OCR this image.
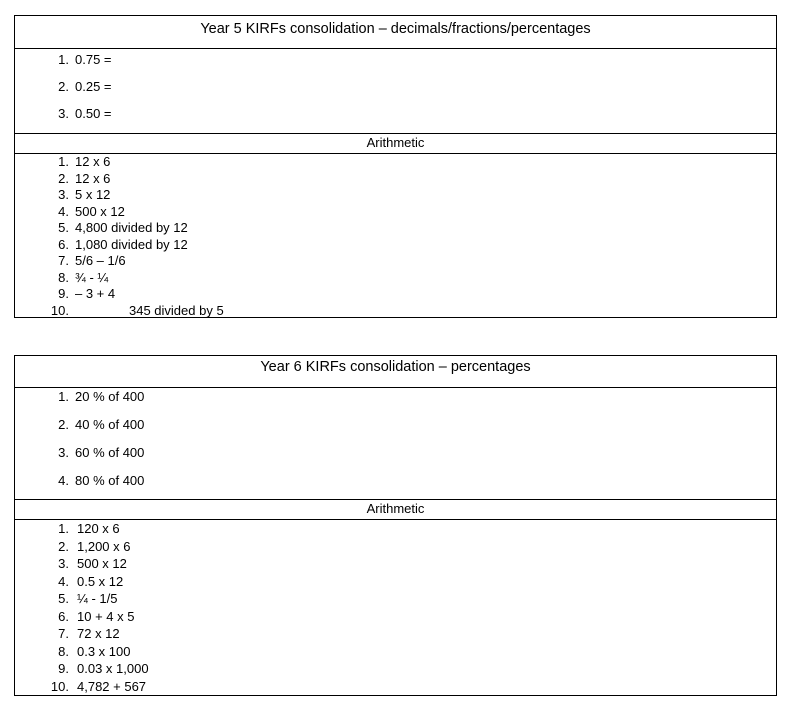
Year 5 KIRFs consolidation – decimals/fractions/percentages
1. 0.75 =
2. 0.25 =
3. 0.50 =
Arithmetic
1. 12 x 6
2. 12 x 6
3. 5 x 12
4. 500 x 12
5. 4,800 divided by 12
6. 1,080 divided by 12
7. 5/6 – 1/6
8. ¾ - ¼
9. – 3 + 4
10.	345 divided by 5
Year 6 KIRFs consolidation – percentages
1. 20 % of 400
2. 40 % of 400
3. 60 % of 400
4. 80 % of 400
Arithmetic
1. 120 x 6
2. 1,200 x 6
3. 500 x 12
4. 0.5 x 12
5. ¼ - 1/5
6. 10 + 4 x 5
7. 72 x 12
8. 0.3 x 100
9. 0.03 x 1,000
10. 4,782 + 567
